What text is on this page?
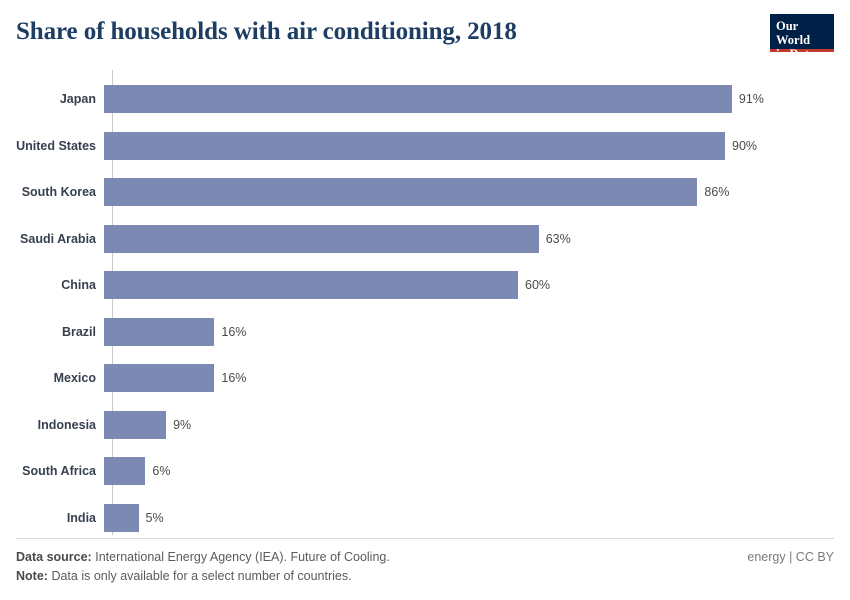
Share of households with air conditioning, 2018	Our World
in Data
Japan	91%
United States	90%
South Korea	86%
Saudi Arabia	63%
China	60%
Brazil	16%
Mexico	16%
Indonesia	9%
South Africa	6%
India	5%
Data source: International Energy Agency (IEA). Future of Cooling.	energy | CC BY
Note: Data is only available for a select number of countries.
